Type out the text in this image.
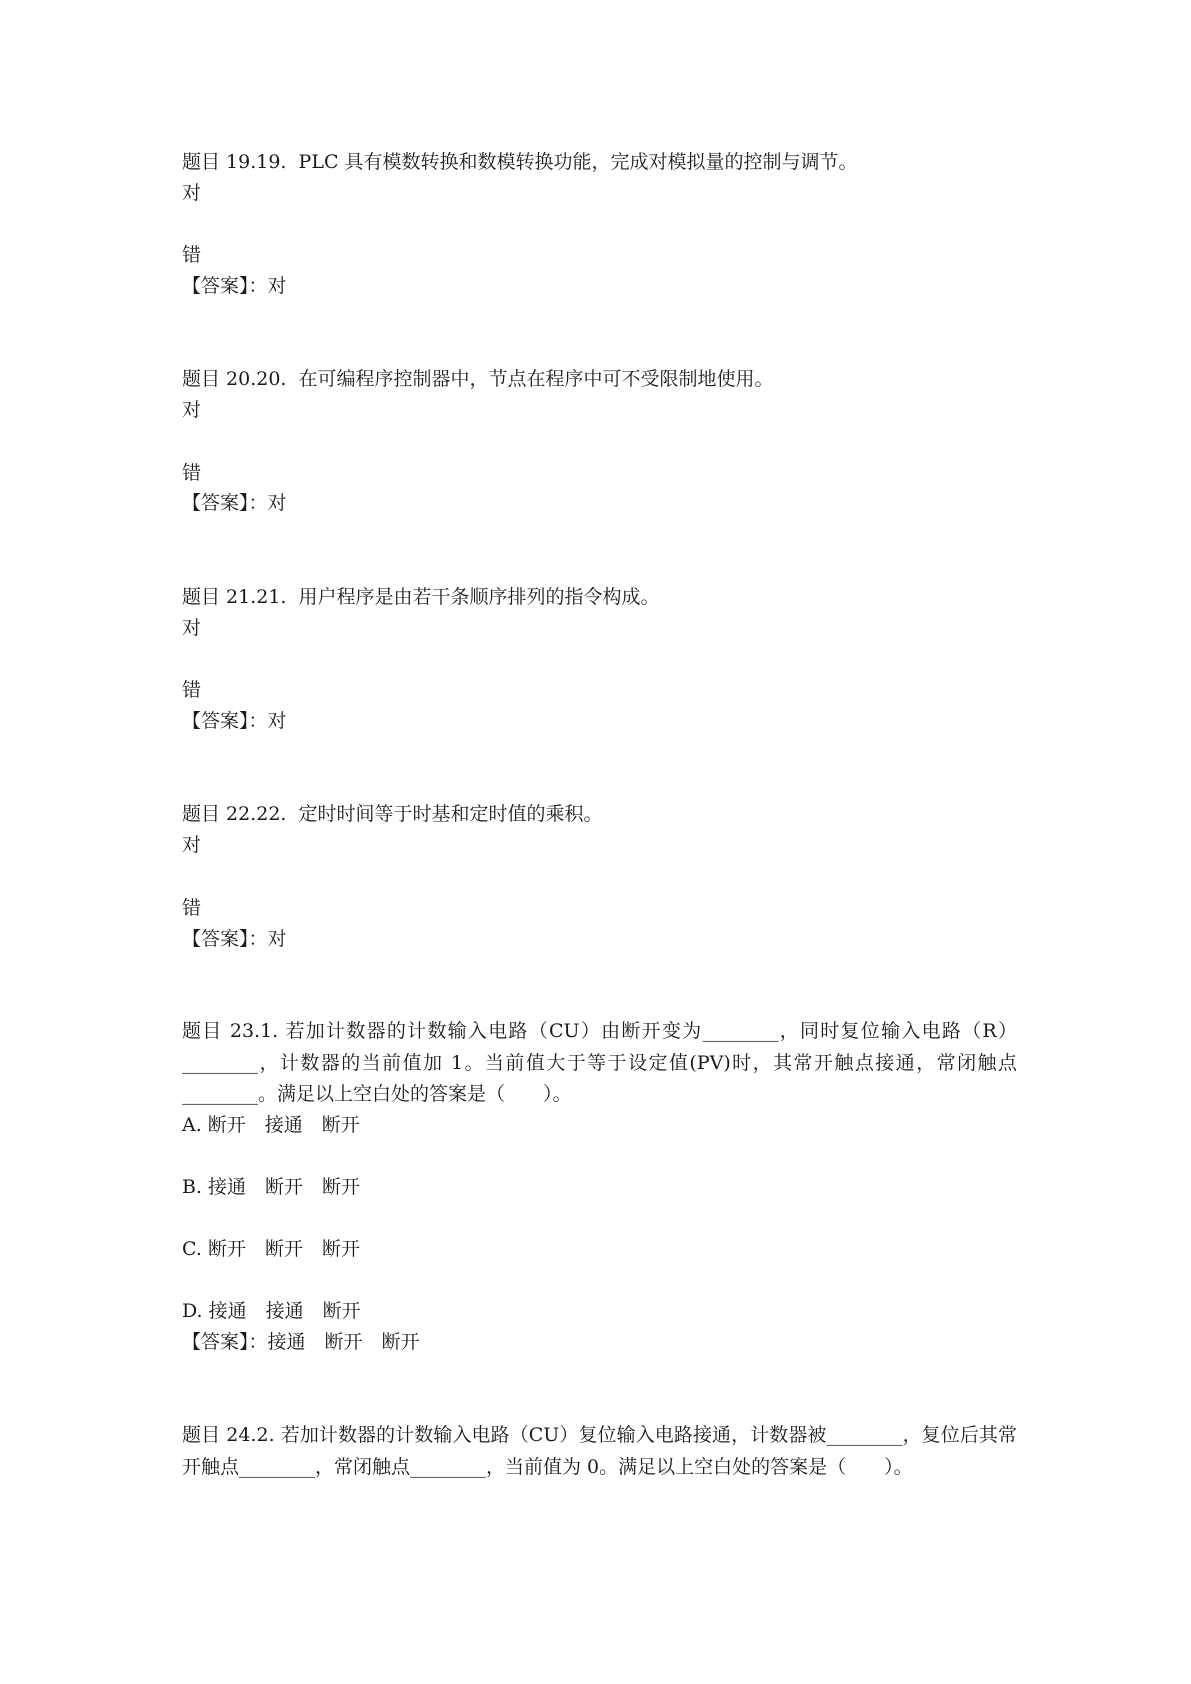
题目 19.19.  PLC 具有模数转换和数模转换功能，完成对模拟量的控制与调节。
对
错
【答案】：对
题目 20.20.  在可编程序控制器中，节点在程序中可不受限制地使用。
对
错
【答案】：对
题目 21.21.  用户程序是由若干条顺序排列的指令构成。
对
错
【答案】：对
题目 22.22.  定时时间等于时基和定时值的乘积。
对
错
【答案】：对
题目 23.1. 若加计数器的计数输入电路（CU）由断开变为________，同时复位输入电路（R）________，计数器的当前值加 1。当前值大于等于设定值(PV)时，其常开触点接通，常闭触点________。满足以上空白处的答案是（　　）。
A. 断开　接通　断开
B. 接通　断开　断开
C. 断开　断开　断开
D. 接通　接通　断开
【答案】：接通　断开　断开
题目 24.2. 若加计数器的计数输入电路（CU）复位输入电路接通，计数器被________，复位后其常开触点________，常闭触点________，当前值为 0。满足以上空白处的答案是（　　）。
